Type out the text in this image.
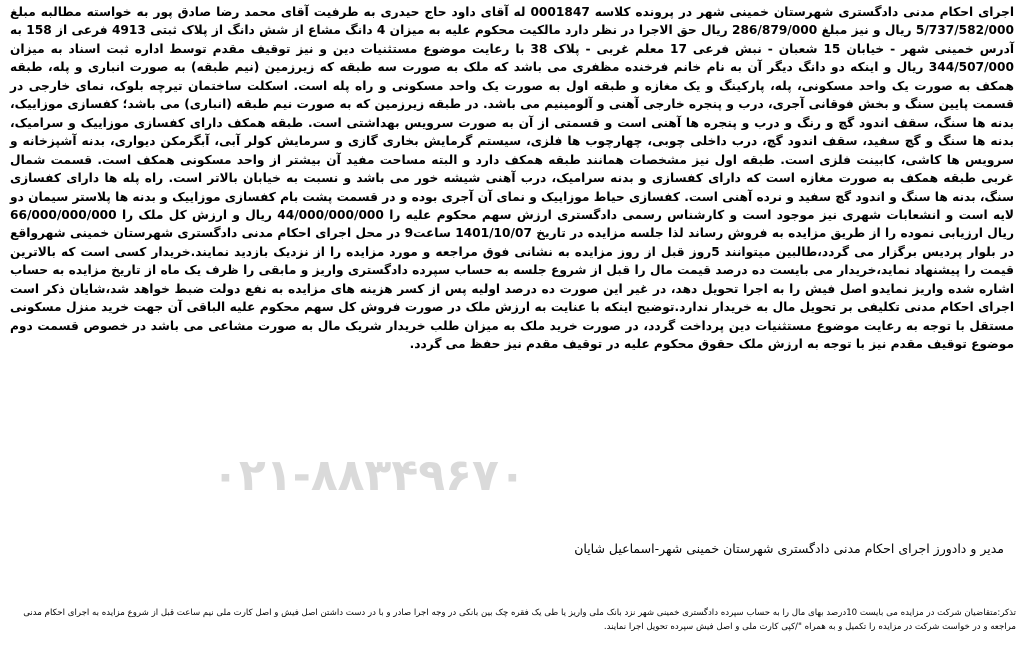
اجرای احکام مدنی دادگستری شهرستان خمینی شهر در پرونده کلاسه 0001847 له آقای داود حاج حیدری به طرفیت آقای محمد رضا صادق پور به خواسته مطالبه مبلغ 5/737/582/000 ریال و نیز مبلغ 286/879/000 ریال حق الاجرا در نظر دارد مالکیت محکوم علیه به میزان 4 دانگ مشاع از شش دانگ از پلاک ثبتی 4913 فرعی از 158 به آدرس خمینی شهر - خیابان 15 شعبان - نبش فرعی 17 معلم غربی - پلاک 38 با رعایت موضوع مستثنیات دین و نیز توقیف مقدم توسط اداره ثبت اسناد به میزان 344/507/000 ریال و اینکه دو دانگ دیگر آن به نام خانم فرخنده مظفری می باشد که ملک به صورت سه طبقه که زیرزمین (نیم طبقه) به صورت انباری و پله، طبقه همکف به صورت یک واحد مسکونی، پله، پارکینگ و یک مغازه و طبقه اول به صورت یک واحد مسکونی و راه پله است. اسکلت ساختمان تیرچه بلوک، نمای خارجی در قسمت پایین سنگ و بخش فوقانی آجری، درب و پنجره خارجی آهنی و آلومینیم می باشد. در طبقه زیرزمین که به صورت نیم طبقه (انباری) می باشد؛ کفسازی موزاییک، بدنه ها سنگ، سقف اندود گچ و رنگ و درب و پنجره ها آهنی است و قسمتی از آن به صورت سرویس بهداشتی است. طبقه همکف دارای کفسازی موزاییک و سرامیک، بدنه ها سنگ و گچ سفید، سقف اندود گچ، درب داخلی چوبی، چهارچوب ها فلزی، سیستم گرمایش بخاری گازی و سرمایش کولر آبی، آبگرمکن دیواری، بدنه آشپزخانه و سرویس ها کاشی، کابینت فلزی است. طبقه اول نیز مشخصات همانند طبقه همکف دارد و البته مساحت مفید آن بیشتر از واحد مسکونی همکف است. قسمت شمال غربی طبقه همکف به صورت مغازه است که دارای کفسازی و بدنه سرامیک، درب آهنی شیشه خور می باشد و نسبت به خیابان بالاتر است. راه پله ها دارای کفسازی سنگ، بدنه ها سنگ و اندود گچ سفید و نرده آهنی است. کفسازی حیاط موزاییک و نمای آن آجری بوده و در قسمت پشت بام کفسازی موزاییک و بدنه ها پلاستر سیمان دو لایه است و انشعابات شهری نیز موجود است و کارشناس رسمی دادگستری ارزش سهم محکوم علیه را 44/000/000/000 ریال و ارزش کل ملک را 66/000/000/000 ریال ارزیابی نموده را از طریق مزایده به فروش رساند لذا جلسه مزایده در تاریخ 1401/10/07 ساعت9 در محل اجرای احکام مدنی دادگستری شهرستان خمینی شهرواقع در بلوار پردیس برگزار می گردد،طالبین میتوانند 5روز قبل از روز مزایده به نشانی فوق مراجعه و مورد مزایده را از نزدیک بازدید نمایند.خریدار کسی است که بالاترین قیمت را پیشنهاد نماید،خریدار می بایست ده درصد قیمت مال را قبل از شروع جلسه به حساب سپرده دادگستری واریز و مابقی را ظرف یک ماه از تاریخ مزایده به حساب اشاره شده واریز نمایدو اصل فیش را به اجرا تحویل دهد، در غیر این صورت ده درصد اولیه پس از کسر هزینه های مزایده به نفع دولت ضبط خواهد شد،شایان ذکر است اجرای احکام مدنی تکلیفی بر تحویل مال به خریدار ندارد.توضیح اینکه با عنایت به ارزش ملک در صورت فروش کل سهم محکوم علیه الباقی آن جهت خرید منزل مسکونی مستقل با توجه به رعایت موضوع مستثنیات دین پرداخت گردد، در صورت خرید ملک به میزان طلب خریدار شریک مال به صورت مشاعی می باشد در خصوص قسمت دوم موضوع توقیف مقدم نیز با توجه به ارزش ملک حقوق محکوم علیه در توقیف مقدم نیز حفظ می گردد.

۰۲۱-۸۸۳۴۹۶۷۰

مدیر و دادورز اجرای احکام مدنی دادگستری شهرستان خمینی شهر-اسماعیل شایان

تذکر:متقاضیان شرکت در مزایده می بایست 10درصد بهای مال را به حساب سپرده دادگستری خمینی شهر نزد بانک ملی واریز یا طی یک فقره چک بین بانکی در وجه اجرا صادر و با در دست داشتن اصل فیش و اصل کارت ملی نیم ساعت قبل از شروع مزایده به اجرای احکام مدنی مراجعه و در خواست شرکت در مزایده را تکمیل و به همراه "/کپی کارت ملی و اصل فیش سپرده تحویل اجرا نمایند.
